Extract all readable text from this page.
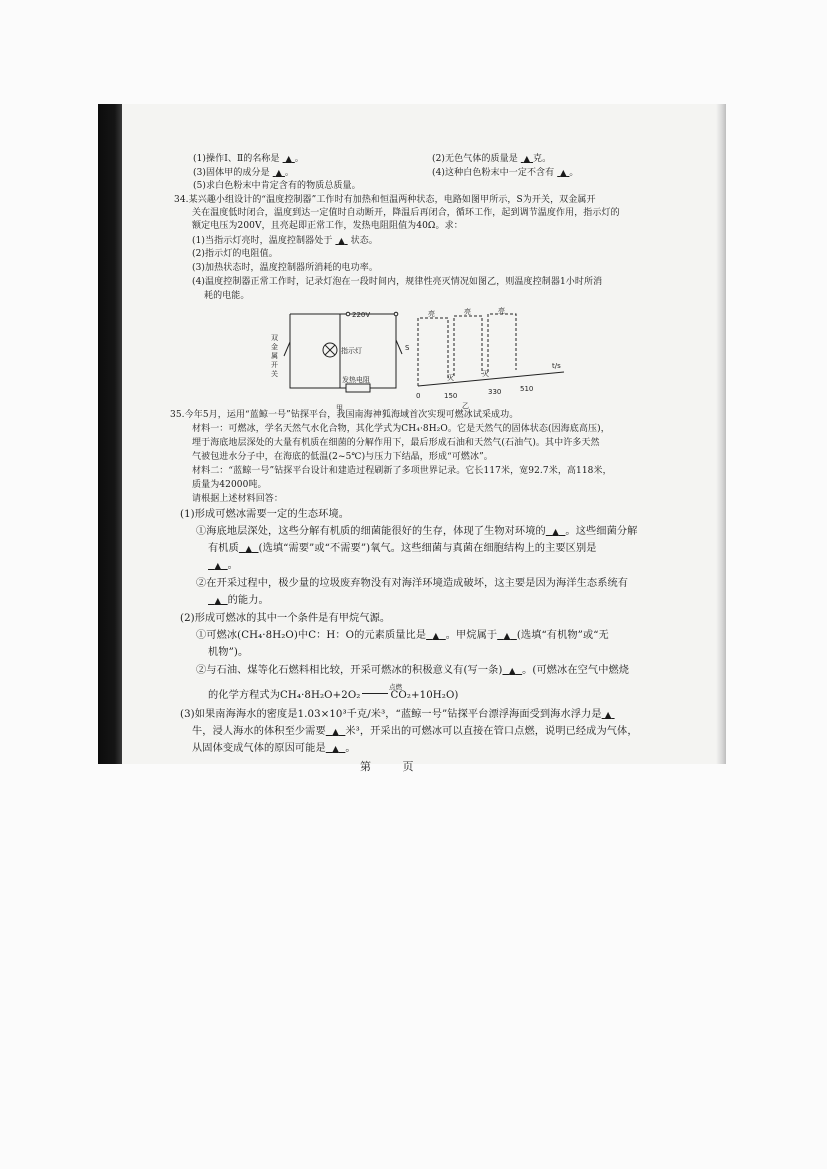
(1)操作Ⅰ、Ⅱ的名称是 ▲ 。	(2)无色气体的质量是 ▲ 克。
(3)固体甲的成分是 ▲ 。	(4)这种白色粉末中一定不含有 ▲ 。
(5)求白色粉末中肯定含有的物质总质量。
34.某兴趣小组设计的“温度控制器”工作时有加热和恒温两种状态，电路如图甲所示，S为开关，双金属开
关在温度低时闭合，温度到达一定值时自动断开，降温后再闭合，循环工作，起到调节温度作用，指示灯的
额定电压为200V，且亮起即正常工作，发热电阻阻值为40Ω。求：
(1)当指示灯亮时，温度控制器处于 ▲ 状态。
(2)指示灯的电阻值。
(3)加热状态时，温度控制器所消耗的电功率。
(4)温度控制器正常工作时，记录灯泡在一段时间内，规律性亮灭情况如图乙，则温度控制器1小时所消
耗的电能。
220V
指示灯	S
发热电阻
甲
双
金
属
开
关
亮	亮	亮
灭	灭
t/s
0	150	330	510
乙
35.今年5月，运用“蓝鲸一号”钻探平台，我国南海神狐海域首次实现可燃冰试采成功。
材料一：可燃冰，学名天然气水化合物，其化学式为CH₄·8H₂O。它是天然气的固体状态(因海底高压)，
埋于海底地层深处的大量有机质在细菌的分解作用下，最后形成石油和天然气(石油气)。其中许多天然
气被包进水分子中，在海底的低温(2~5℃)与压力下结晶，形成“可燃冰”。
材料二：“蓝鲸一号”钻探平台设计和建造过程刷新了多项世界记录。它长117米，宽92.7米，高118米，
质量为42000吨。
请根据上述材料回答：
(1)形成可燃冰需要一定的生态环境。
①海底地层深处，这些分解有机质的细菌能很好的生存，体现了生物对环境的 ▲ 。这些细菌分解
有机质 ▲ (选填“需要”或“不需要”)氧气。这些细菌与真菌在细胞结构上的主要区别是
▲ 。
②在开采过程中，极少量的垃圾废弃物没有对海洋环境造成破坏，这主要是因为海洋生态系统有
▲ 的能力。
(2)形成可燃冰的其中一个条件是有甲烷气源。
①可燃冰(CH₄·8H₂O)中C：H：O的元素质量比是 ▲ 。甲烷属于 ▲ (选填“有机物”或“无
机物”)。
②与石油、煤等化石燃料相比较，开采可燃冰的积极意义有(写一条) ▲ 。(可燃冰在空气中燃烧
点燃
的化学方程式为CH₄·8H₂O+2O₂	CO₂+10H₂O)
(3)如果南海海水的密度是1.03×10³千克/米³，“蓝鲸一号”钻探平台漂浮海面受到海水浮力是 ▲
牛，浸人海水的体积至少需要 ▲ 米³，开采出的可燃冰可以直接在管口点燃，说明已经成为气体，
从固体变成气体的原因可能是 ▲ 。
第 页
